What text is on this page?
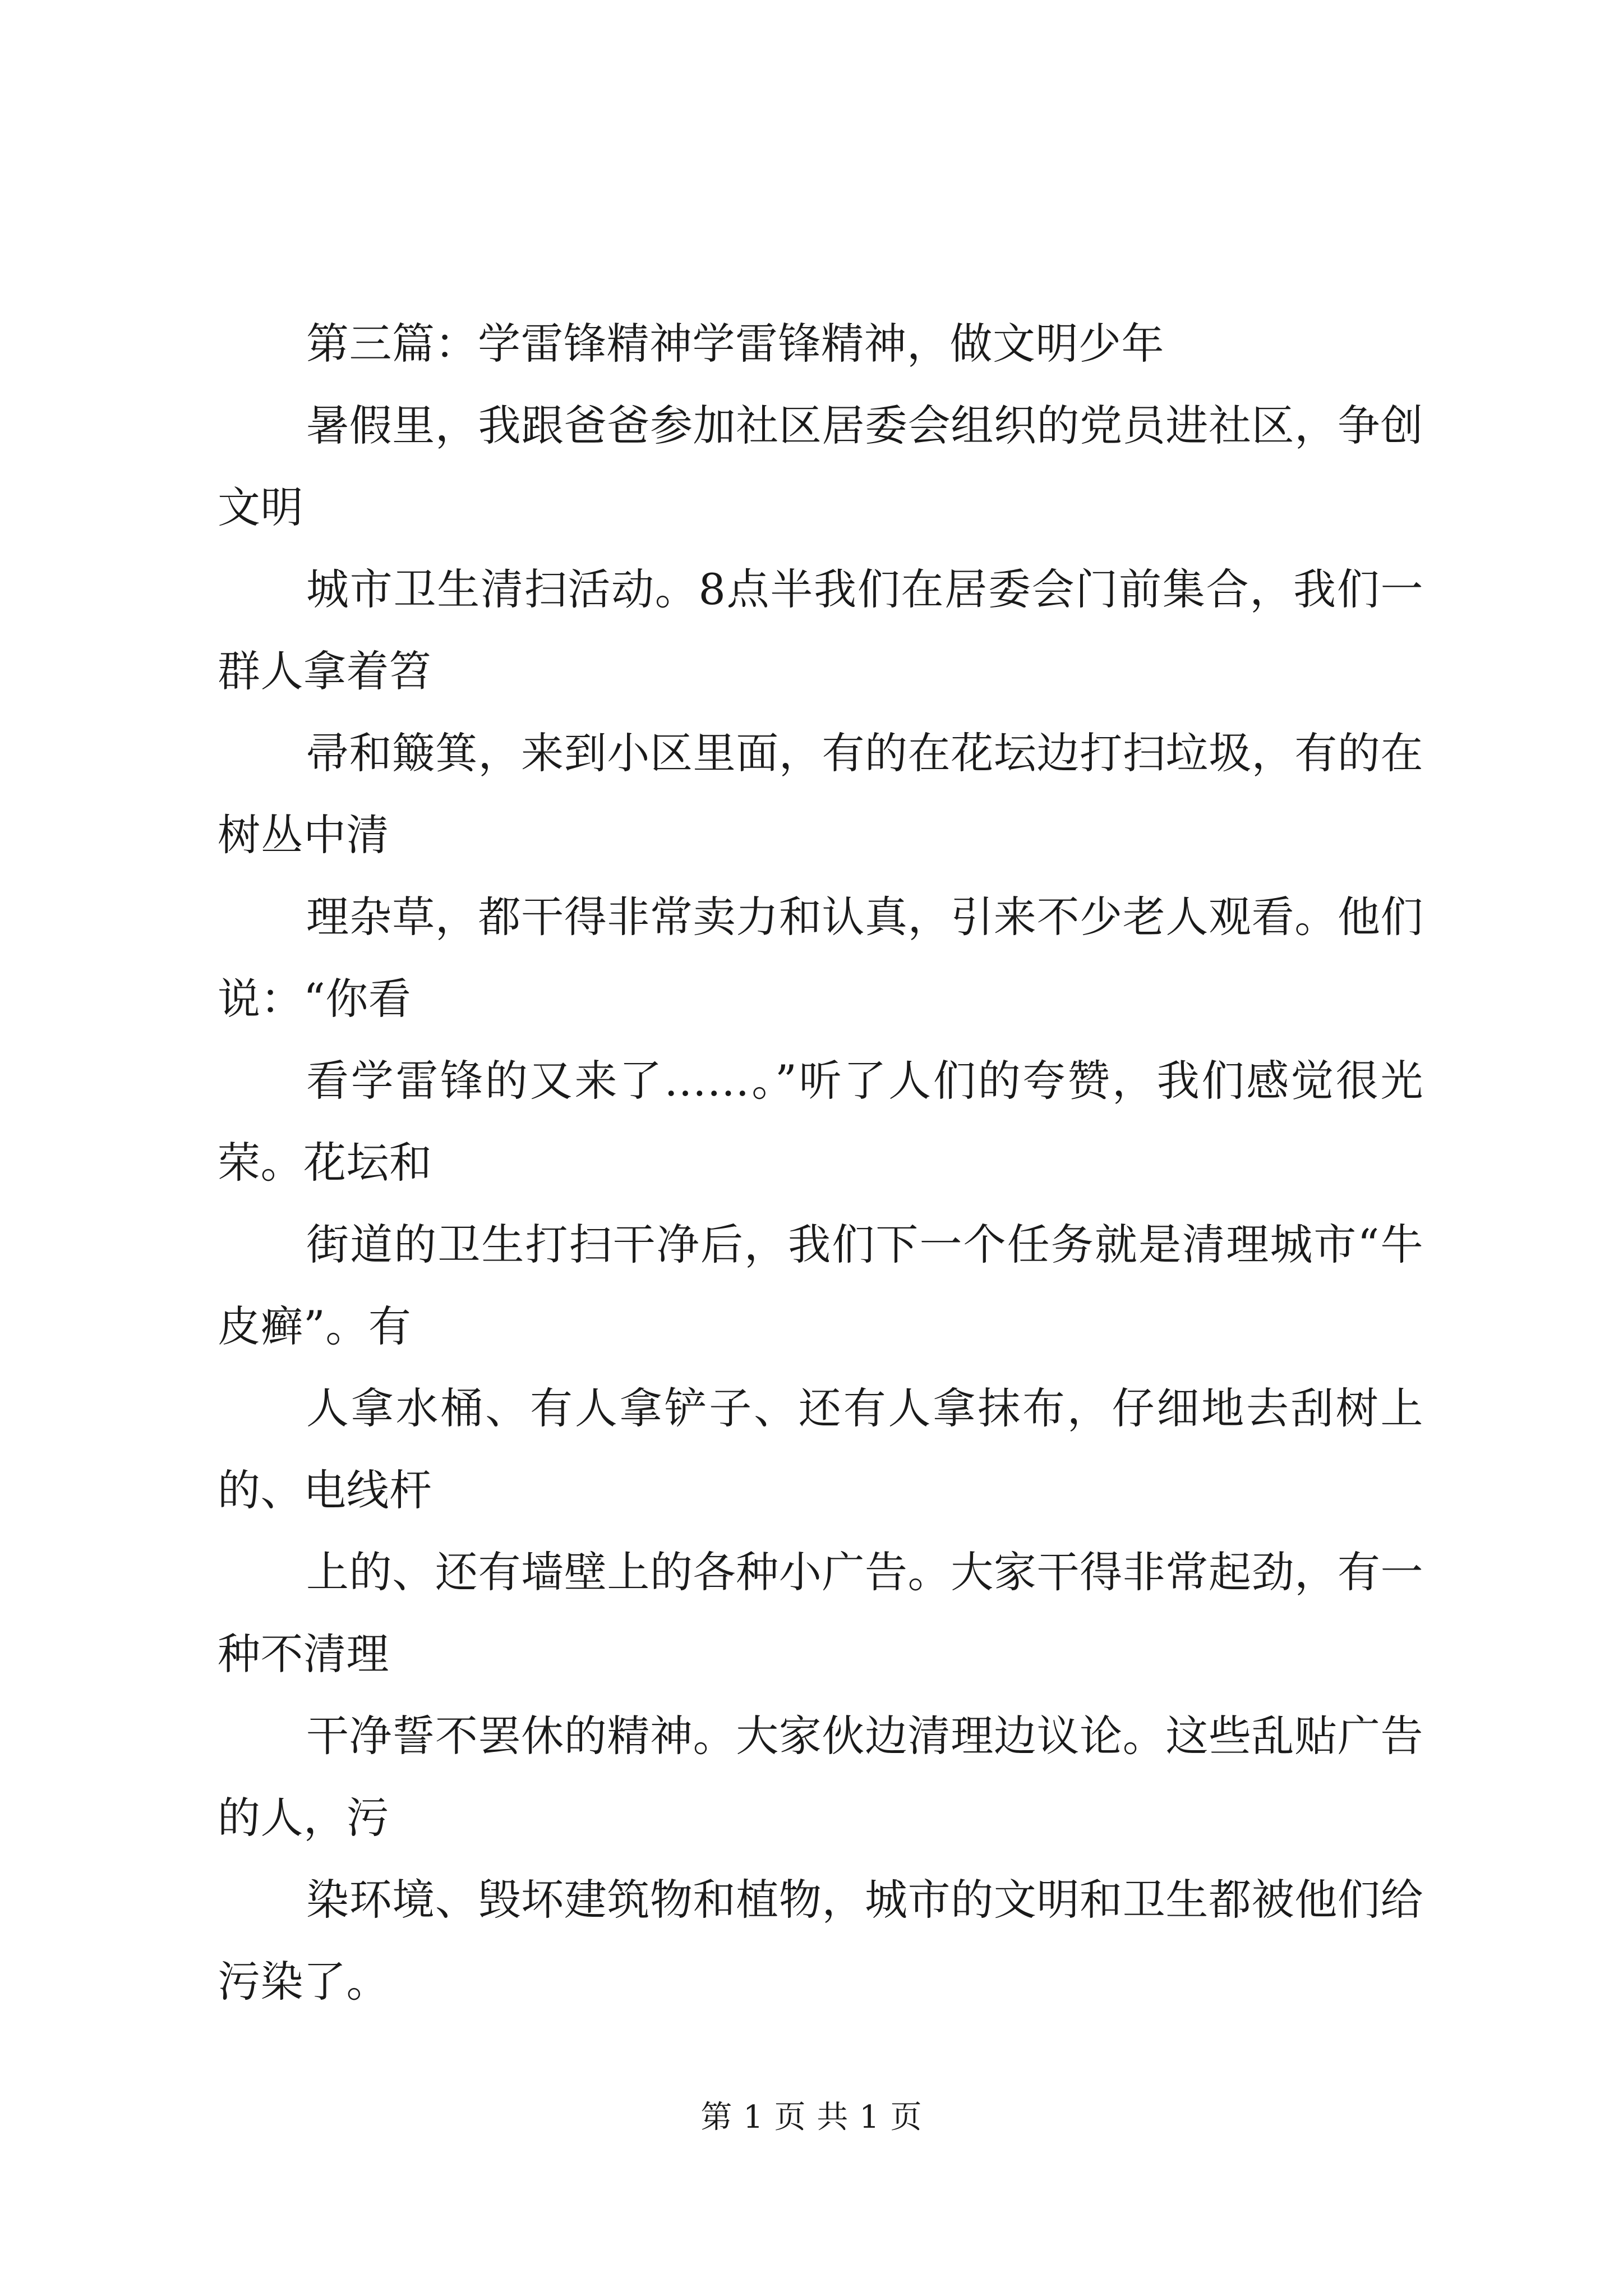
第三篇：学雷锋精神学雷锋精神，做文明少年

暑假里，我跟爸爸参加社区居委会组织的党员进社区，争创文明

城市卫生清扫活动。8点半我们在居委会门前集合，我们一群人拿着笤

帚和簸箕，来到小区里面，有的在花坛边打扫垃圾，有的在树丛中清

理杂草，都干得非常卖力和认真，引来不少老人观看。他们说：“你看

看学雷锋的又来了……。”听了人们的夸赞，我们感觉很光荣。花坛和

街道的卫生打扫干净后，我们下一个任务就是清理城市“牛皮癣”。有

人拿水桶、有人拿铲子、还有人拿抹布，仔细地去刮树上的、电线杆

上的、还有墙壁上的各种小广告。大家干得非常起劲，有一种不清理

干净誓不罢休的精神。大家伙边清理边议论。这些乱贴广告的人，污

染环境、毁坏建筑物和植物，城市的文明和卫生都被他们给污染了。

第 1 页 共 1 页
